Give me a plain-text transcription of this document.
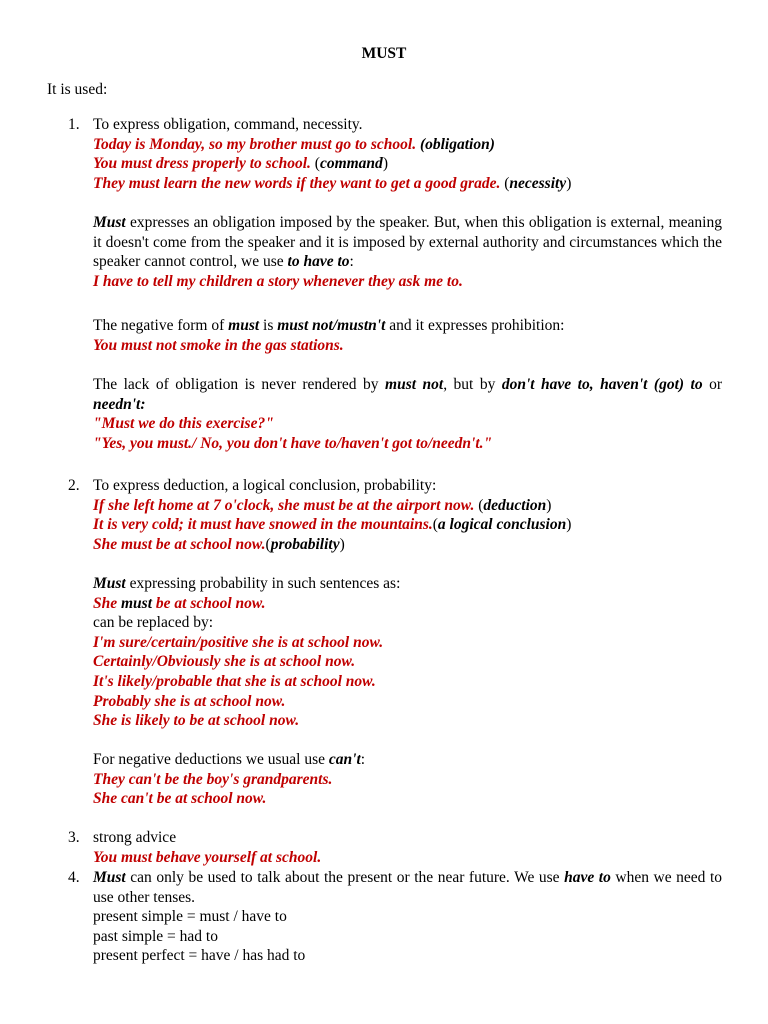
MUST
It is used:
1. To express obligation, command, necessity.
Today is Monday, so my brother must go to school. (obligation)
You must dress properly to school. (command)
They must learn the new words if they want to get a good grade. (necessity)

Must expresses an obligation imposed by the speaker. But, when this obligation is external, meaning it doesn't come from the speaker and it is imposed by external authority and circumstances which the speaker cannot control, we use to have to:

I have to tell my children a story whenever they ask me to.

The negative form of must is must not/mustn't and it expresses prohibition:
You must not smoke in the gas stations.

The lack of obligation is never rendered by must not, but by don't have to, haven't (got) to or needn't:

"Must we do this exercise?"
"Yes, you must./ No, you don't have to/haven't got to/needn't."
2. To express deduction, a logical conclusion, probability:
If she left home at 7 o'clock, she must be at the airport now. (deduction)
It is very cold; it must have snowed in the mountains.(a logical conclusion)
She must be at school now.(probability)
Must expressing probability in such sentences as:
She must be at school now.
can be replaced by:
I'm sure/certain/positive she is at school now.
Certainly/Obviously she is at school now.
It's likely/probable that she is at school now.
Probably she is at school now.
She is likely to be at school now.
For negative deductions we usual use can't:
They can't be the boy's grandparents.
She can't be at school now.
3. strong advice
You must behave yourself at school.
4. Must can only be used to talk about the present or the near future. We use have to when we need to use other tenses.

present simple = must / have to
past simple = had to
present perfect = have / has had to
